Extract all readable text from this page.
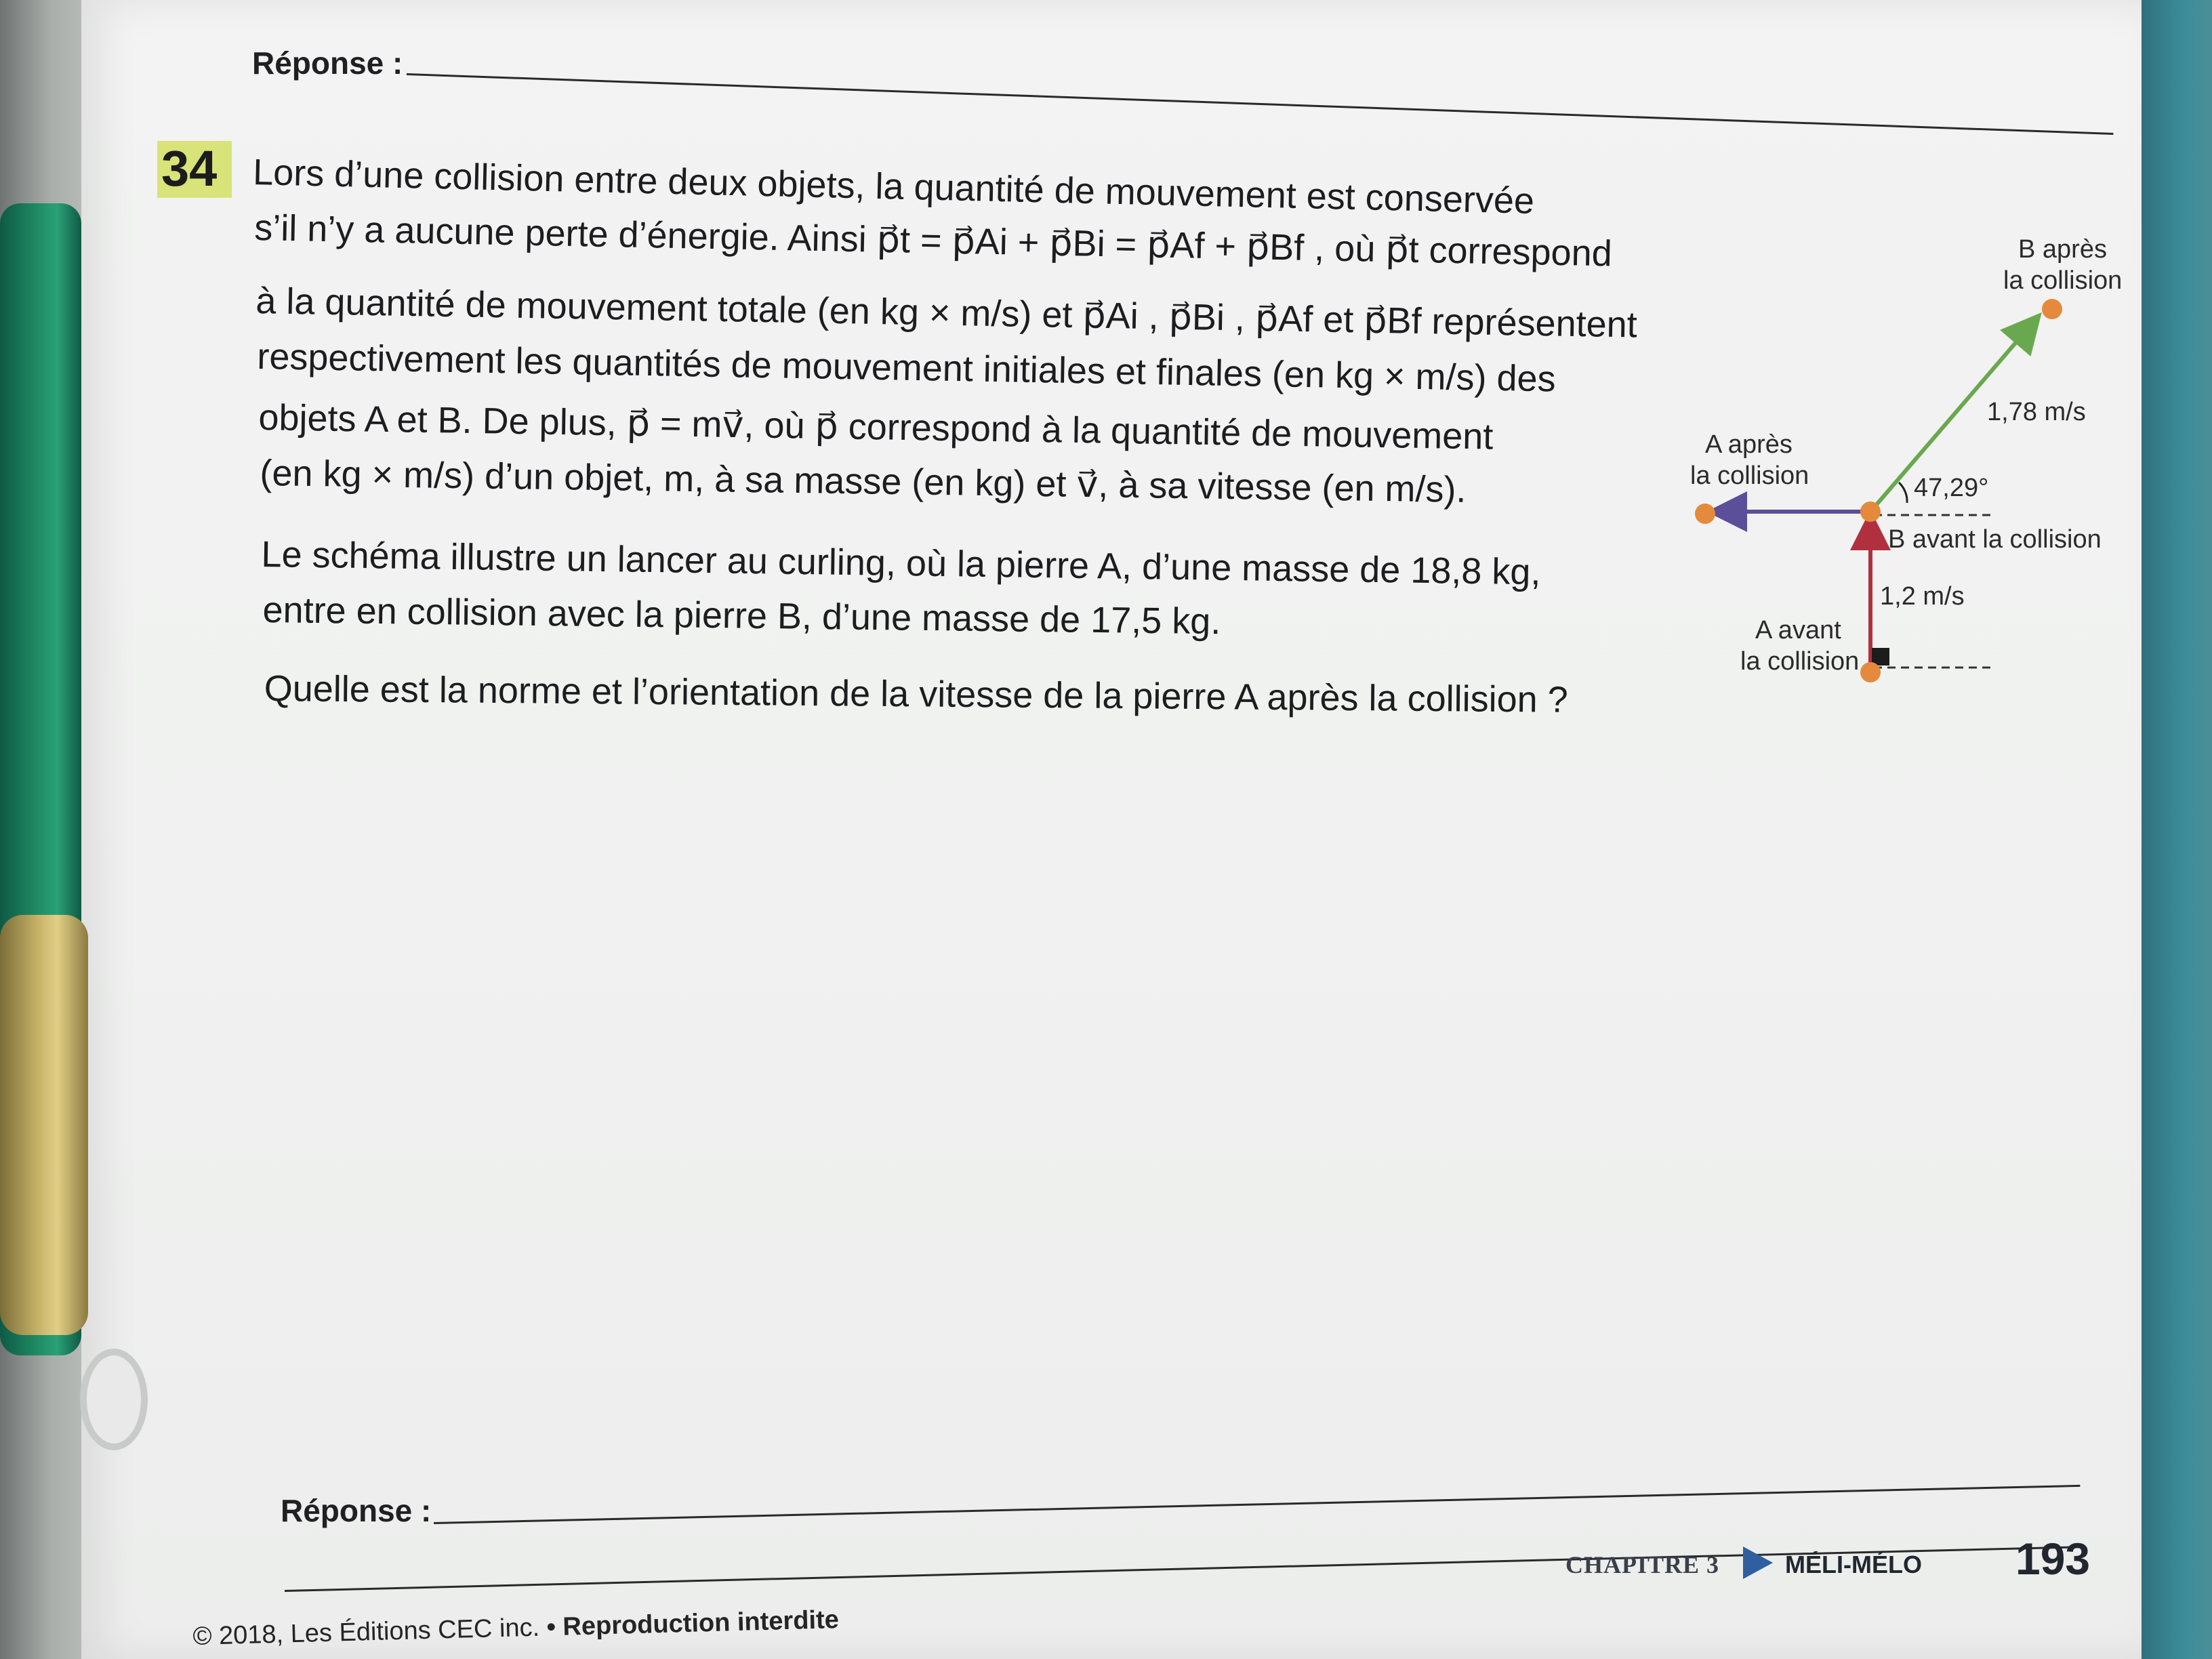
Réponse :
34 Lors d’une collision entre deux objets, la quantité de mouvement est conservée
s’il n’y a aucune perte d’énergie. Ainsi p⃗t = p⃗Ai + p⃗Bi = p⃗Af + p⃗Bf , où p⃗t correspond
à la quantité de mouvement totale (en kg × m/s) et p⃗Ai , p⃗Bi , p⃗Af et p⃗Bf représentent
respectivement les quantités de mouvement initiales et finales (en kg × m/s) des
objets A et B. De plus, p⃗ = mv⃗, où p⃗ correspond à la quantité de mouvement
(en kg × m/s) d’un objet, m, à sa masse (en kg) et v⃗, à sa vitesse (en m/s).
Le schéma illustre un lancer au curling, où la pierre A, d’une masse de 18,8 kg,
entre en collision avec la pierre B, d’une masse de 17,5 kg.
Quelle est la norme et l’orientation de la vitesse de la pierre A après la collision ?
B après
la collision
1,78 m/s
A après
la collision	47,29°
B avant la collision
1,2 m/s
A avant
la collision
Réponse :
CHAPITRE 3	MÉLI-MÉLO 193
© 2018, Les Éditions CEC inc. • Reproduction interdite
